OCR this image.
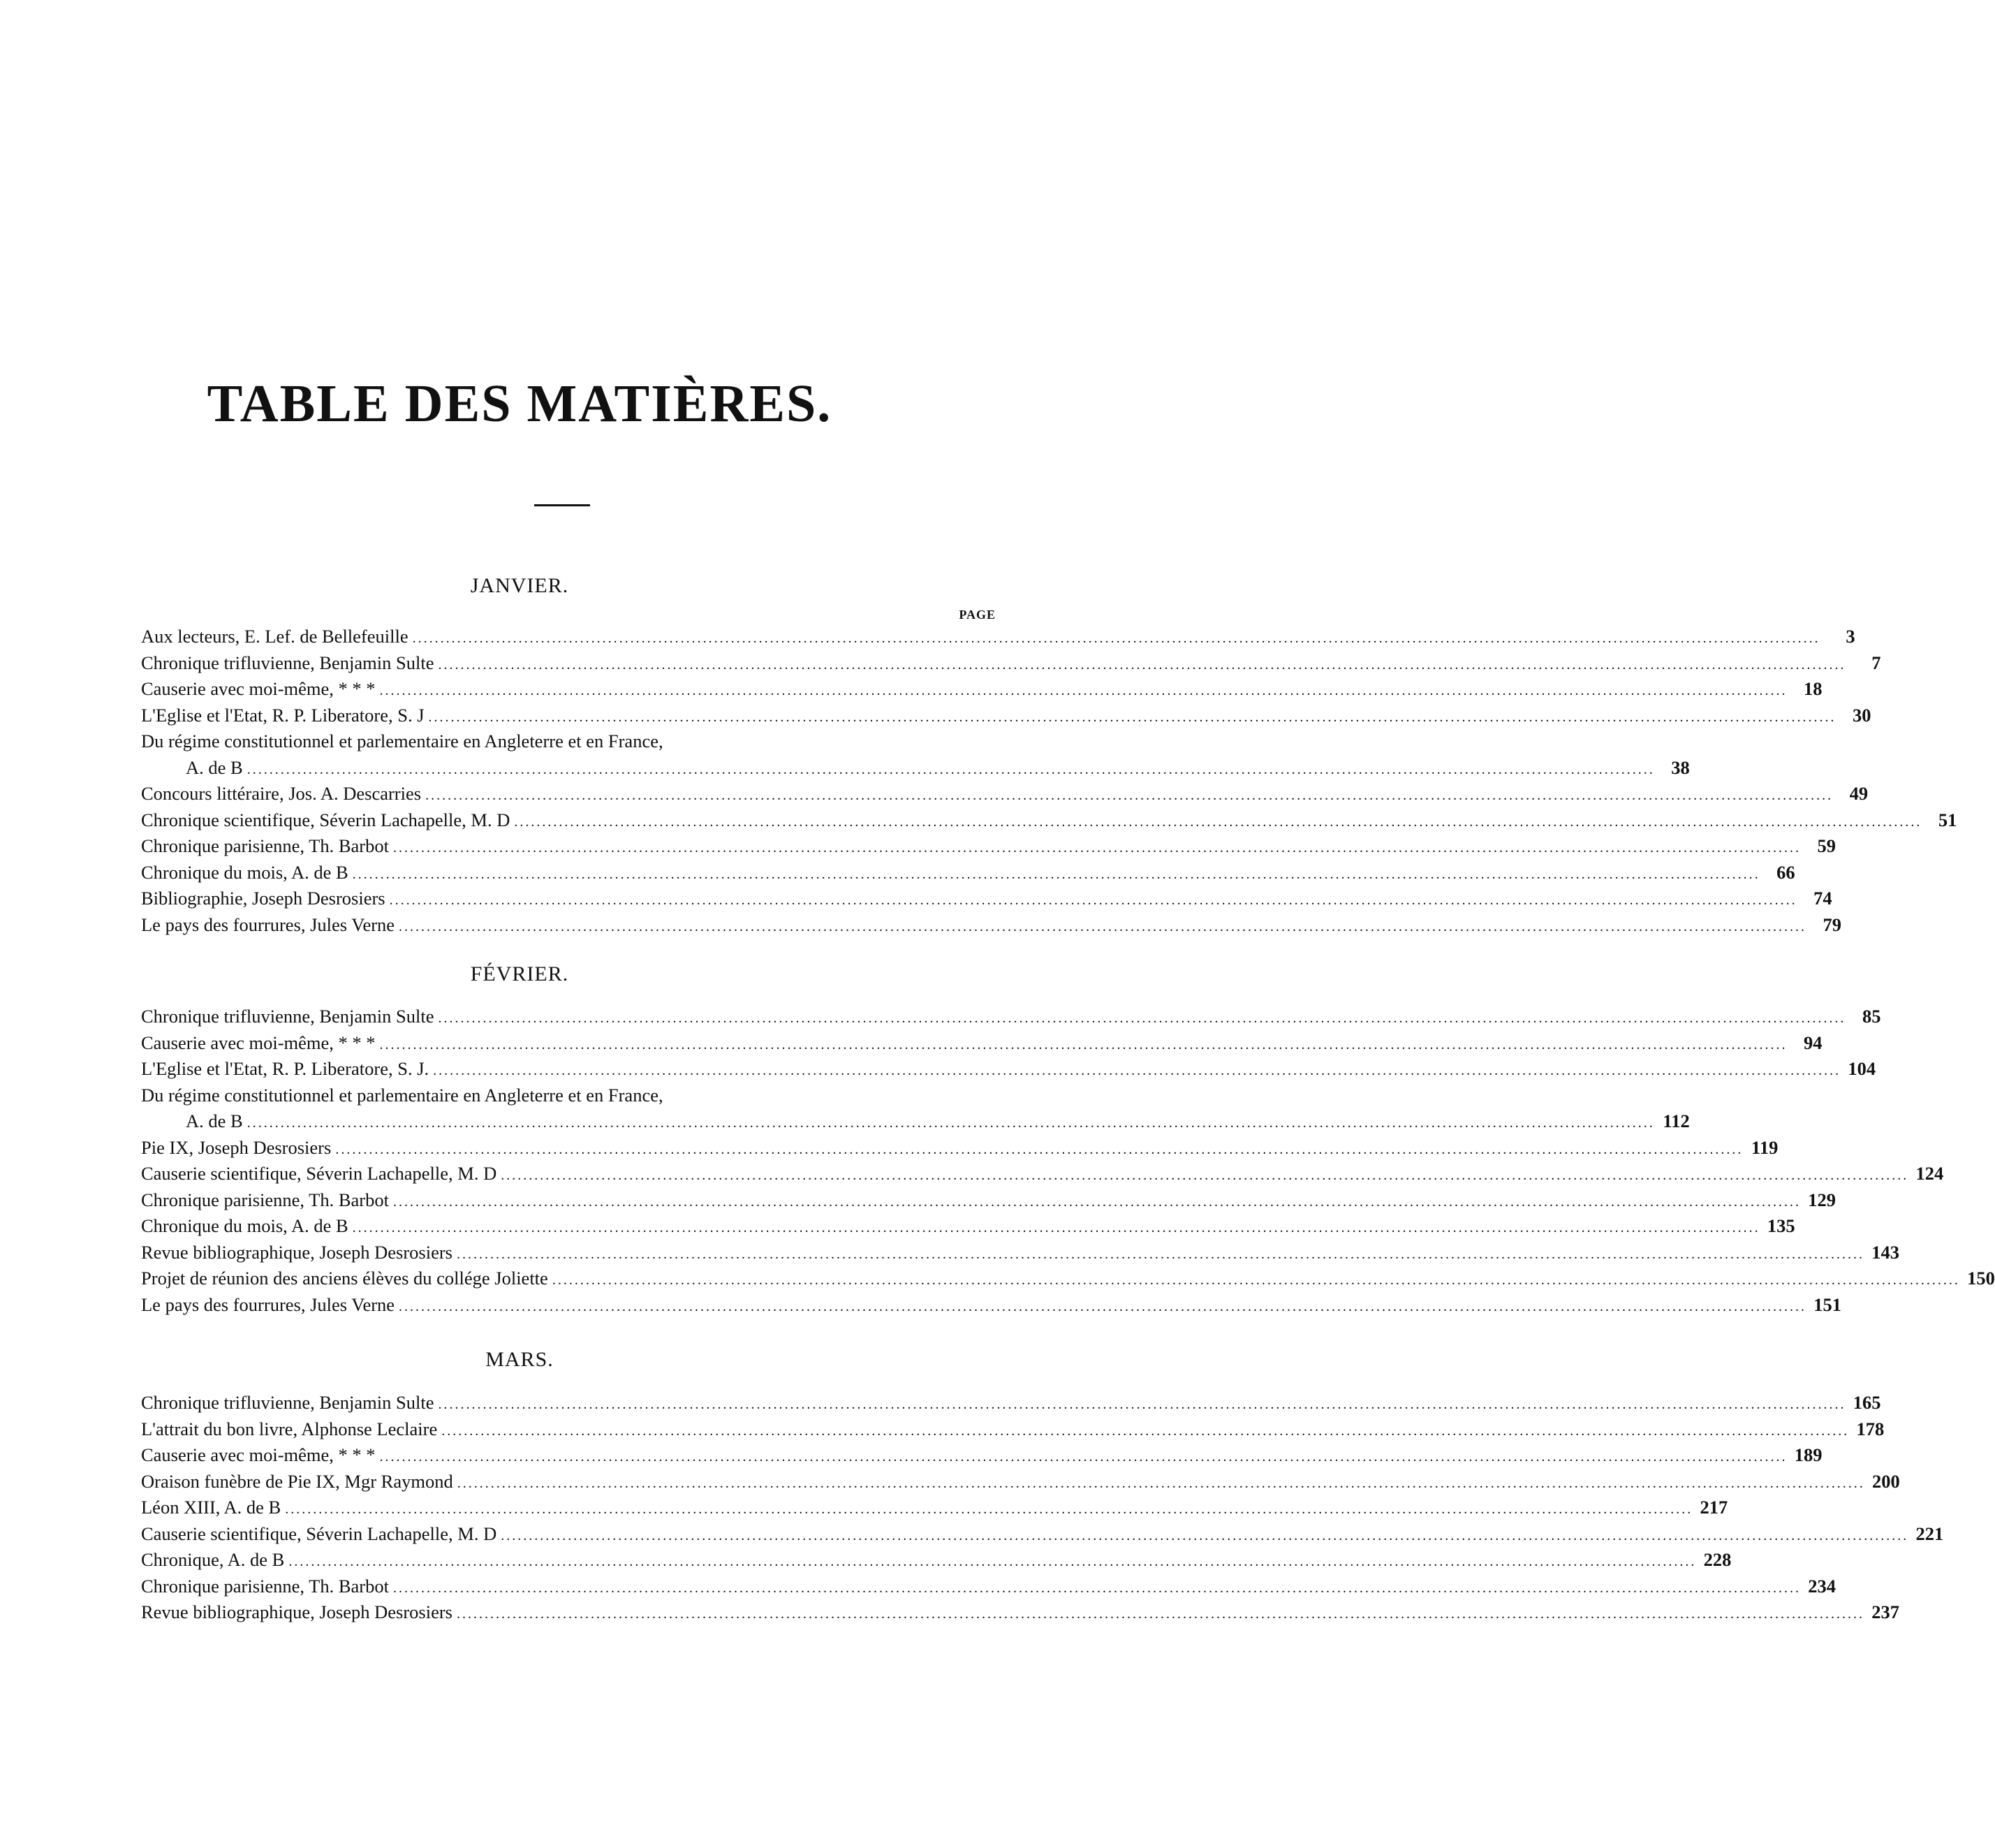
TABLE DES MATIÈRES.
JANVIER.
PAGE
Aux lecteurs, E. Lef. de Bellefeuille .....	3
Chronique trifluvienne, Benjamin Sulte .....	7
Causerie avec moi-même, * * * .....	18
L'Eglise et l'Etat, R. P. Liberatore, S. J .....	30
Du régime constitutionnel et parlementaire en Angleterre et en France,
A. de B .....	38
Concours littéraire, Jos. A. Descarries .....	49
Chronique scientifique, Séverin Lachapelle, M. D .....	51
Chronique parisienne, Th. Barbot .....	59
Chronique du mois, A. de B .....	66
Bibliographie, Joseph Desrosiers .....	74
Le pays des fourrures, Jules Verne .....	79
FÉVRIER.
Chronique trifluvienne, Benjamin Sulte .....	85
Causerie avec moi-même, * * * .....	94
L'Eglise et l'Etat, R. P. Liberatore, S. J. .....	104
Du régime constitutionnel et parlementaire en Angleterre et en France,
A. de B .....	112
Pie IX, Joseph Desrosiers .....	119
Causerie scientifique, Séverin Lachapelle, M. D .....	124
Chronique parisienne, Th. Barbot .....	129
Chronique du mois, A. de B .....	135
Revue bibliographique, Joseph Desrosiers .....	143
Projet de réunion des anciens élèves du collége Joliette .....	150
Le pays des fourrures, Jules Verne .....	151
MARS.
Chronique trifluvienne, Benjamin Sulte .....	165
L'attrait du bon livre, Alphonse Leclaire .....	178
Causerie avec moi-même, * * * .....	189
Oraison funèbre de Pie IX, Mgr Raymond .....	200
Léon XIII, A. de B .....	217
Causerie scientifique, Séverin Lachapelle, M. D .....	221
Chronique, A. de B .....	228
Chronique parisienne, Th. Barbot .....	234
Revue bibliographique, Joseph Desrosiers .....	237
